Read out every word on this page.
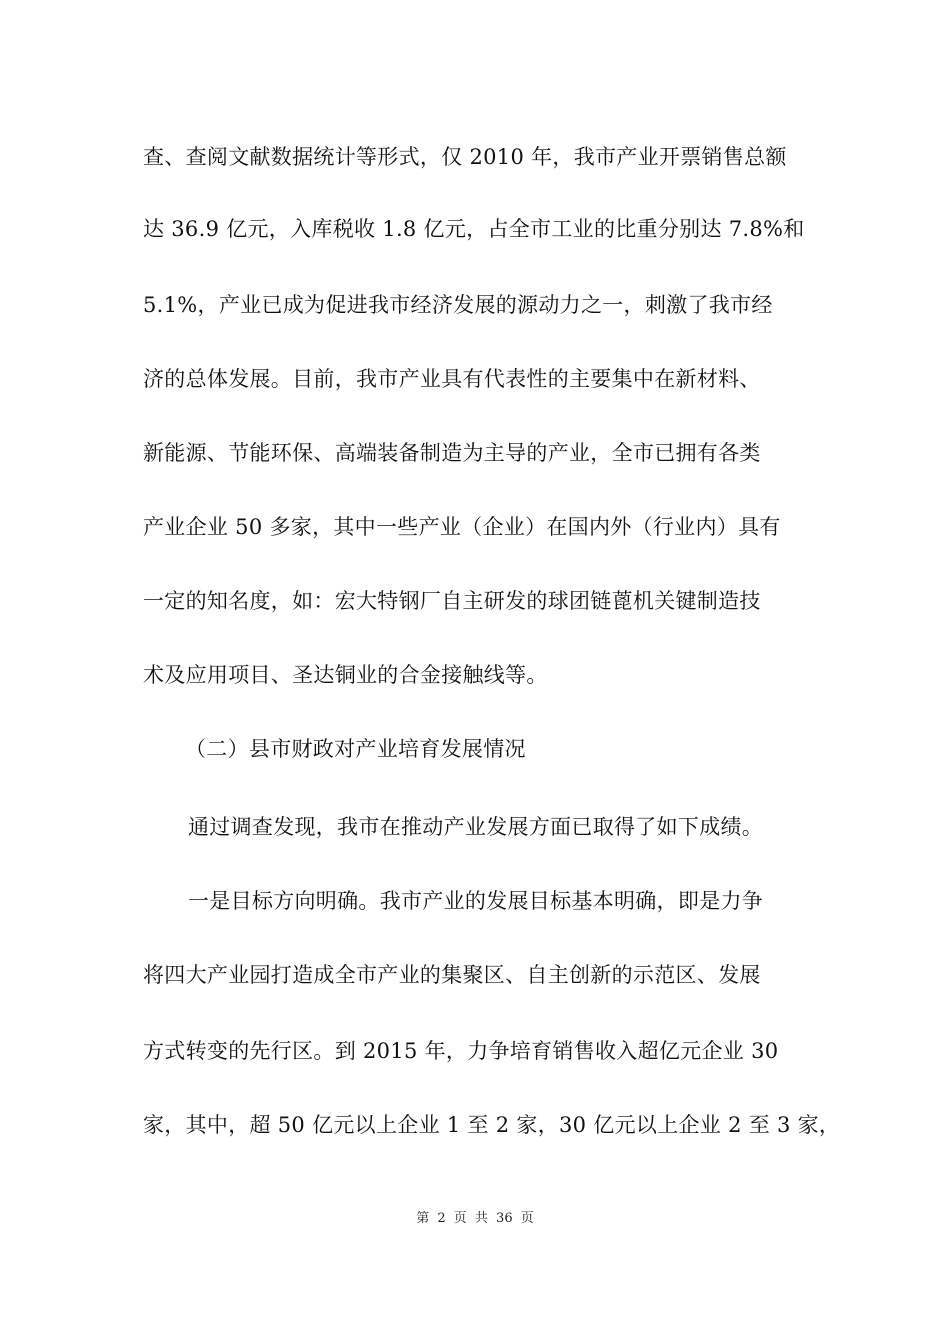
查、查阅文献数据统计等形式，仅 2010 年，我市产业开票销售总额
达 36.9 亿元，入库税收 1.8 亿元，占全市工业的比重分别达 7.8%和
5.1%，产业已成为促进我市经济发展的源动力之一，刺激了我市经
济的总体发展。目前，我市产业具有代表性的主要集中在新材料、
新能源、节能环保、高端装备制造为主导的产业，全市已拥有各类
产业企业 50 多家，其中一些产业（企业）在国内外（行业内）具有
一定的知名度，如：宏大特钢厂自主研发的球团链蓖机关键制造技
术及应用项目、圣达铜业的合金接触线等。
（二）县市财政对产业培育发展情况
通过调查发现，我市在推动产业发展方面已取得了如下成绩。
一是目标方向明确。我市产业的发展目标基本明确，即是力争
将四大产业园打造成全市产业的集聚区、自主创新的示范区、发展
方式转变的先行区。到 2015 年，力争培育销售收入超亿元企业 30
家，其中，超 50 亿元以上企业 1 至 2 家，30 亿元以上企业 2 至 3 家，
第 2 页 共 36 页
